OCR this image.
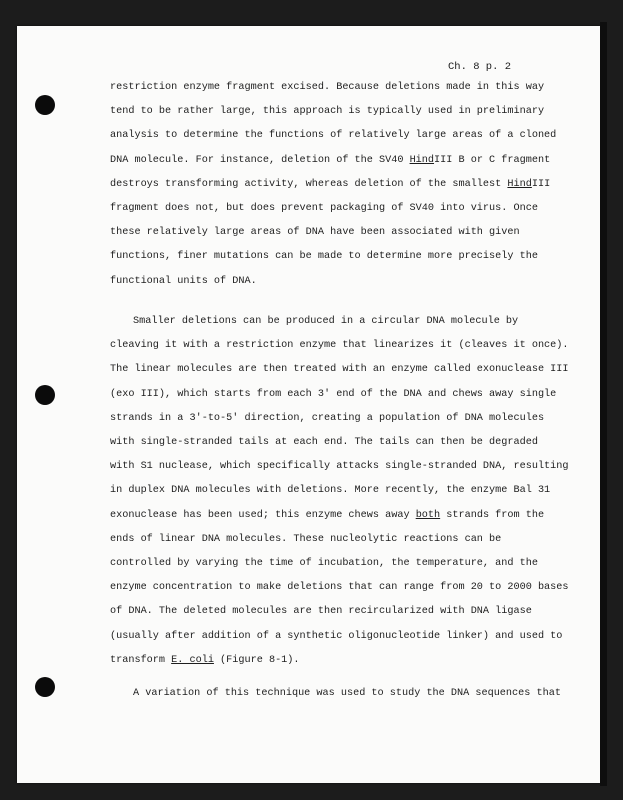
Ch. 8 p. 2
restriction enzyme fragment excised. Because deletions made in this way
tend to be rather large, this approach is typically used in preliminary
analysis to determine the functions of relatively large areas of a cloned
DNA molecule. For instance, deletion of the SV40 HindIII B or C fragment
destroys transforming activity, whereas deletion of the smallest HindIII
fragment does not, but does prevent packaging of SV40 into virus. Once
these relatively large areas of DNA have been associated with given
functions, finer mutations can be made to determine more precisely the
functional units of DNA.
Smaller deletions can be produced in a circular DNA molecule by
cleaving it with a restriction enzyme that linearizes it (cleaves it once).
The linear molecules are then treated with an enzyme called exonuclease III
(exo III), which starts from each 3' end of the DNA and chews away single
strands in a 3'-to-5' direction, creating a population of DNA molecules
with single-stranded tails at each end. The tails can then be degraded
with S1 nuclease, which specifically attacks single-stranded DNA, resulting
in duplex DNA molecules with deletions. More recently, the enzyme Bal 31
exonuclease has been used; this enzyme chews away both strands from the
ends of linear DNA molecules. These nucleolytic reactions can be
controlled by varying the time of incubation, the temperature, and the
enzyme concentration to make deletions that can range from 20 to 2000 bases
of DNA. The deleted molecules are then recircularized with DNA ligase
(usually after addition of a synthetic oligonucleotide linker) and used to
transform E. coli (Figure 8-1).
A variation of this technique was used to study the DNA sequences that
